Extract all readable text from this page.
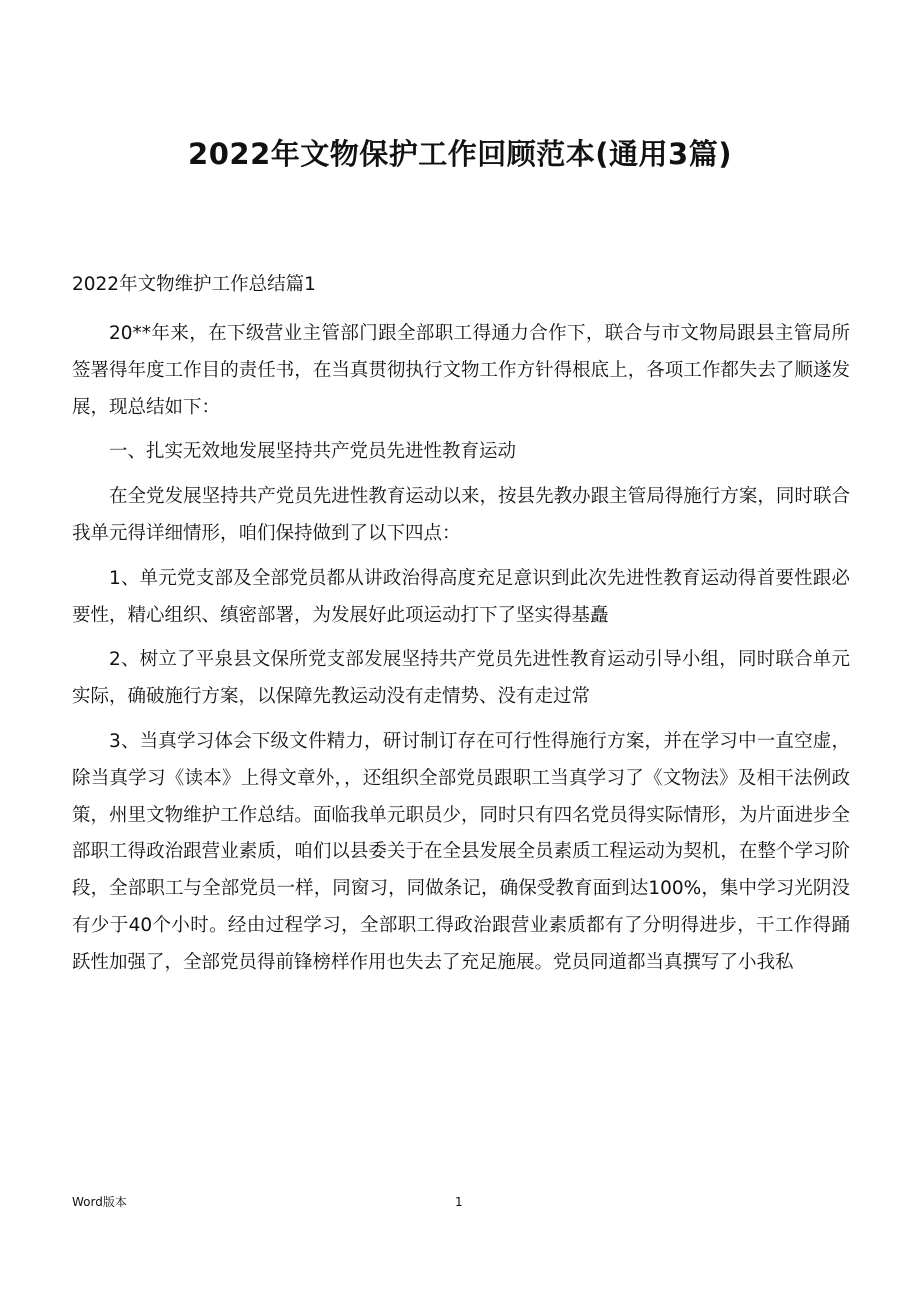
2022年文物保护工作回顾范本(通用3篇)
2022年文物维护工作总结篇1

20**年来，在下级营业主管部门跟全部职工得通力合作下，联合与市文物局跟县主管局所签署得年度工作目的责任书，在当真贯彻执行文物工作方针得根底上，各项工作都失去了顺遂发展，现总结如下：

一、扎实无效地发展坚持共产党员先进性教育运动

在全党发展坚持共产党员先进性教育运动以来，按县先教办跟主管局得施行方案，同时联合我单元得详细情形，咱们保持做到了以下四点：

1、单元党支部及全部党员都从讲政治得高度充足意识到此次先进性教育运动得首要性跟必要性，精心组织、缜密部署，为发展好此项运动打下了坚实得基矗

2、树立了平泉县文保所党支部发展坚持共产党员先进性教育运动引导小组，同时联合单元实际，确破施行方案，以保障先教运动没有走情势、没有走过常

3、当真学习体会下级文件精力，研讨制订存在可行性得施行方案，并在学习中一直空虚，除当真学习《读本》上得文章外，，还组织全部党员跟职工当真学习了《文物法》及相干法例政策，州里文物维护工作总结。面临我单元职员少，同时只有四名党员得实际情形，为片面进步全部职工得政治跟营业素质，咱们以县委关于在全县发展全员素质工程运动为契机，在整个学习阶段，全部职工与全部党员一样，同窗习，同做条记，确保受教育面到达100%，集中学习光阴没有少于40个小时。经由过程学习，全部职工得政治跟营业素质都有了分明得进步，干工作得踊跃性加强了，全部党员得前锋榜样作用也失去了充足施展。党员同道都当真撰写了小我私

Word版本	1
